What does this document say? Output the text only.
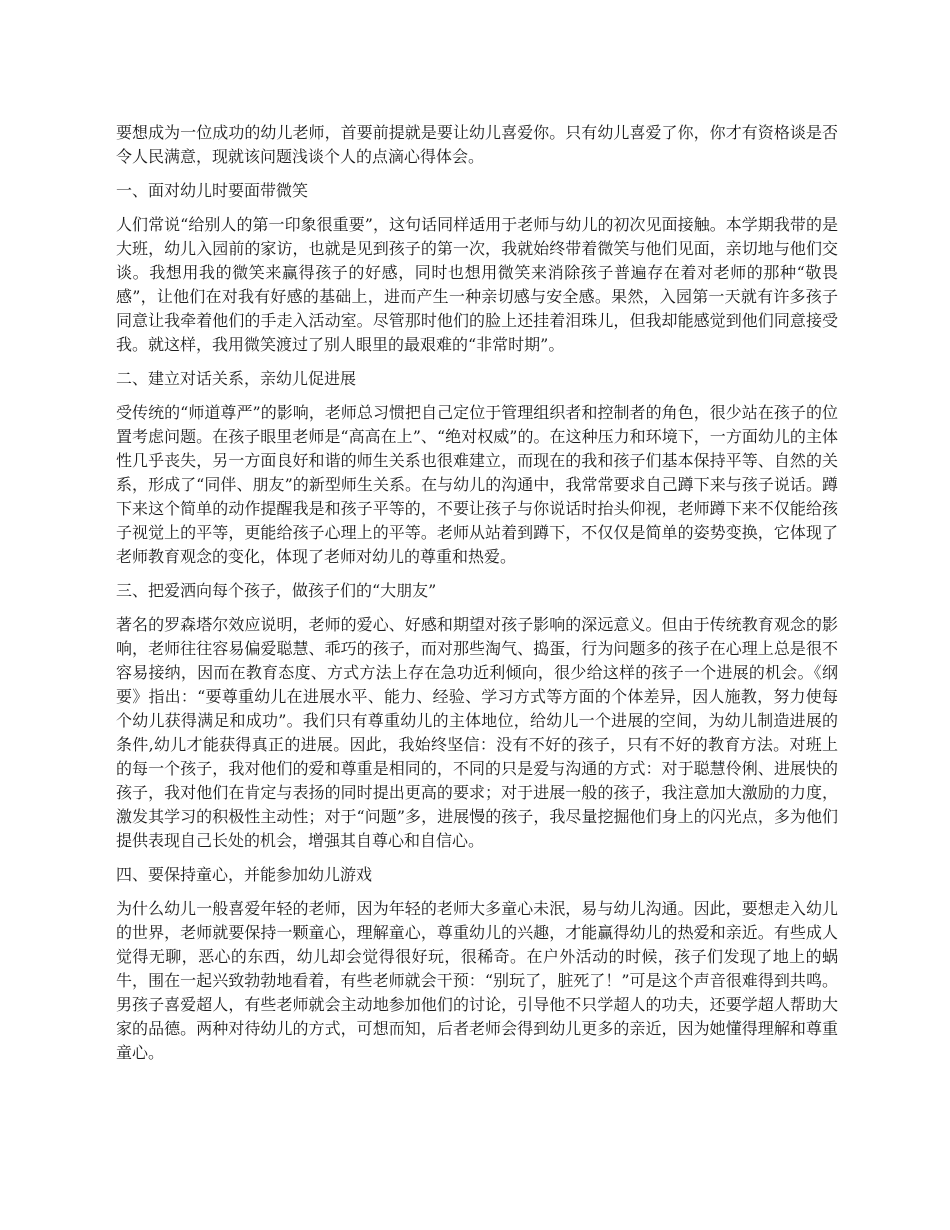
要想成为一位成功的幼儿老师，首要前提就是要让幼儿喜爱你。只有幼儿喜爱了你，你才有资格谈是否令人民满意，现就该问题浅谈个人的点滴心得体会。

一、面对幼儿时要面带微笑

人们常说“给别人的第一印象很重要”，这句话同样适用于老师与幼儿的初次见面接触。本学期我带的是大班，幼儿入园前的家访，也就是见到孩子的第一次，我就始终带着微笑与他们见面，亲切地与他们交谈。我想用我的微笑来赢得孩子的好感，同时也想用微笑来消除孩子普遍存在着对老师的那种“敬畏感”，让他们在对我有好感的基础上，进而产生一种亲切感与安全感。果然，入园第一天就有许多孩子同意让我牵着他们的手走入活动室。尽管那时他们的脸上还挂着泪珠儿，但我却能感觉到他们同意接受我。就这样，我用微笑渡过了别人眼里的最艰难的“非常时期”。

二、建立对话关系，亲幼儿促进展

受传统的“师道尊严”的影响，老师总习惯把自己定位于管理组织者和控制者的角色，很少站在孩子的位置考虑问题。在孩子眼里老师是“高高在上”、“绝对权威”的。在这种压力和环境下，一方面幼儿的主体性几乎丧失，另一方面良好和谐的师生关系也很难建立，而现在的我和孩子们基本保持平等、自然的关系，形成了“同伴、朋友”的新型师生关系。在与幼儿的沟通中，我常常要求自己蹲下来与孩子说话。蹲下来这个简单的动作提醒我是和孩子平等的，不要让孩子与你说话时抬头仰视，老师蹲下来不仅能给孩子视觉上的平等，更能给孩子心理上的平等。老师从站着到蹲下，不仅仅是简单的姿势变换，它体现了老师教育观念的变化，体现了老师对幼儿的尊重和热爱。

三、把爱洒向每个孩子，做孩子们的“大朋友”

著名的罗森塔尔效应说明，老师的爱心、好感和期望对孩子影响的深远意义。但由于传统教育观念的影响，老师往往容易偏爱聪慧、乖巧的孩子，而对那些淘气、捣蛋，行为问题多的孩子在心理上总是很不容易接纳，因而在教育态度、方式方法上存在急功近利倾向，很少给这样的孩子一个进展的机会。《纲要》指出：“要尊重幼儿在进展水平、能力、经验、学习方式等方面的个体差异，因人施教，努力使每个幼儿获得满足和成功”。我们只有尊重幼儿的主体地位，给幼儿一个进展的空间，为幼儿制造进展的条件,幼儿才能获得真正的进展。因此，我始终坚信：没有不好的孩子，只有不好的教育方法。对班上的每一个孩子，我对他们的爱和尊重是相同的，不同的只是爱与沟通的方式：对于聪慧伶俐、进展快的孩子，我对他们在肯定与表扬的同时提出更高的要求；对于进展一般的孩子，我注意加大激励的力度，激发其学习的积极性主动性；对于“问题”多，进展慢的孩子，我尽量挖掘他们身上的闪光点，多为他们提供表现自己长处的机会，增强其自尊心和自信心。

四、要保持童心，并能参加幼儿游戏

为什么幼儿一般喜爱年轻的老师，因为年轻的老师大多童心未泯，易与幼儿沟通。因此，要想走入幼儿的世界，老师就要保持一颗童心，理解童心，尊重幼儿的兴趣，才能赢得幼儿的热爱和亲近。有些成人觉得无聊，恶心的东西，幼儿却会觉得很好玩，很稀奇。在户外活动的时候，孩子们发现了地上的蜗牛，围在一起兴致勃勃地看着，有些老师就会干预：“别玩了，脏死了！”可是这个声音很难得到共鸣。男孩子喜爱超人，有些老师就会主动地参加他们的讨论，引导他不只学超人的功夫，还要学超人帮助大家的品德。两种对待幼儿的方式，可想而知，后者老师会得到幼儿更多的亲近，因为她懂得理解和尊重童心。
